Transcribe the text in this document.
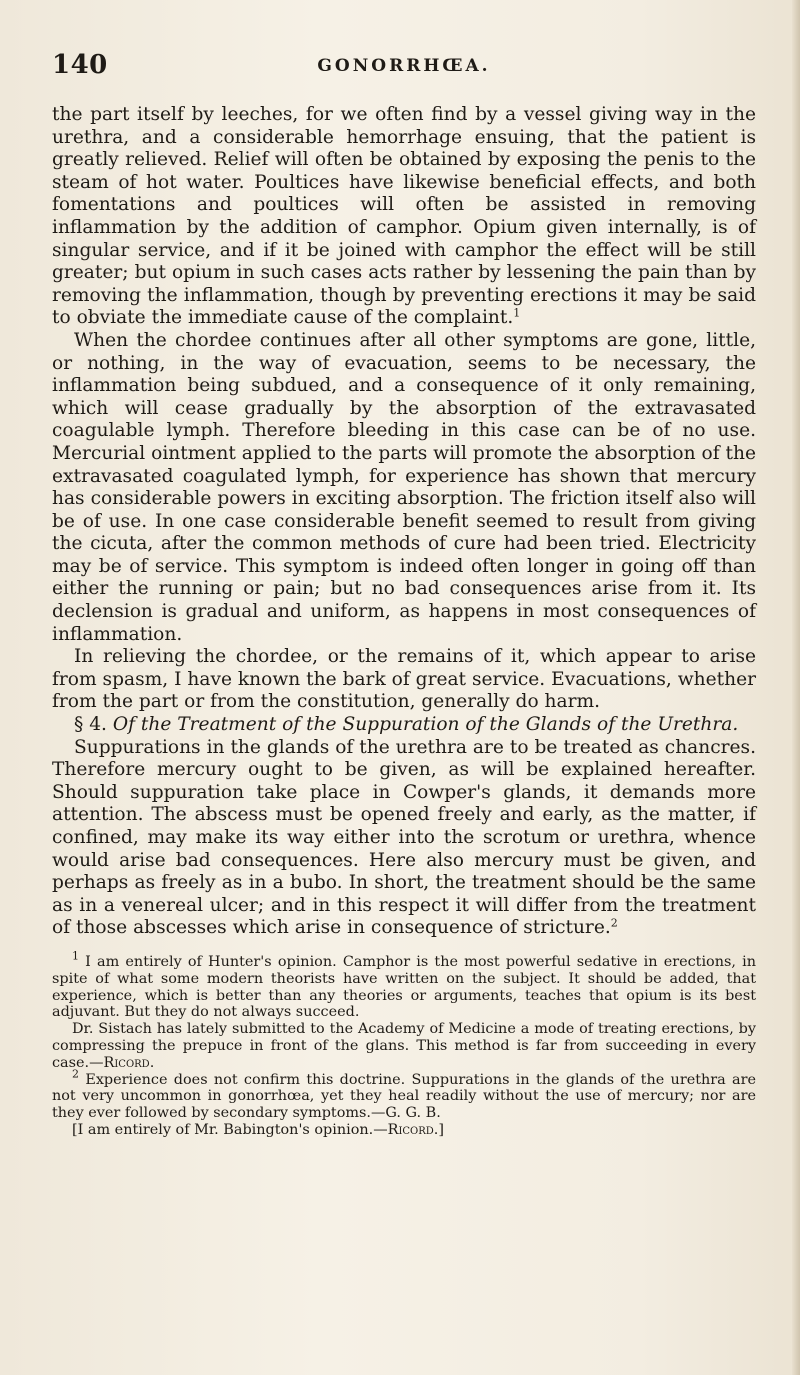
140	GONORRHŒA.

the part itself by leeches, for we often find by a vessel giving way in the urethra, and a considerable hemorrhage ensuing, that the patient is greatly relieved. Relief will often be obtained by exposing the penis to the steam of hot water. Poultices have likewise beneficial effects, and both fomentations and poultices will often be assisted in removing inflammation by the addition of camphor. Opium given internally, is of singular service, and if it be joined with camphor the effect will be still greater; but opium in such cases acts rather by lessening the pain than by removing the inflammation, though by preventing erections it may be said to obviate the immediate cause of the complaint.$^1$

When the chordee continues after all other symptoms are gone, little, or nothing, in the way of evacuation, seems to be necessary, the inflammation being subdued, and a consequence of it only remaining, which will cease gradually by the absorption of the extravasated coagulable lymph. Therefore bleeding in this case can be of no use. Mercurial ointment applied to the parts will promote the absorption of the extravasated coagulated lymph, for experience has shown that mercury has considerable powers in exciting absorption. The friction itself also will be of use. In one case considerable benefit seemed to result from giving the cicuta, after the common methods of cure had been tried. Electricity may be of service. This symptom is indeed often longer in going off than either the running or pain; but no bad consequences arise from it. Its declension is gradual and uniform, as happens in most consequences of inflammation.

In relieving the chordee, or the remains of it, which appear to arise from spasm, I have known the bark of great service. Evacuations, whether from the part or from the constitution, generally do harm.

§ 4. Of the Treatment of the Suppuration of the Glands of the Urethra.

Suppurations in the glands of the urethra are to be treated as chancres. Therefore mercury ought to be given, as will be explained hereafter. Should suppuration take place in Cowper's glands, it demands more attention. The abscess must be opened freely and early, as the matter, if confined, may make its way either into the scrotum or urethra, whence would arise bad consequences. Here also mercury must be given, and perhaps as freely as in a bubo. In short, the treatment should be the same as in a venereal ulcer; and in this respect it will differ from the treatment of those abscesses which arise in consequence of stricture.$^2$

$^1$ I am entirely of Hunter's opinion. Camphor is the most powerful sedative in erections, in spite of what some modern theorists have written on the subject. It should be added, that experience, which is better than any theories or arguments, teaches that opium is its best adjuvant. But they do not always succeed.

Dr. Sistach has lately submitted to the Academy of Medicine a mode of treating erections, by compressing the prepuce in front of the glans. This method is far from succeeding in every case.—Ricord.

$^2$ Experience does not confirm this doctrine. Suppurations in the glands of the urethra are not very uncommon in gonorrhœa, yet they heal readily without the use of mercury; nor are they ever followed by secondary symptoms.—G. G. B.

[I am entirely of Mr. Babington's opinion.—Ricord.]
